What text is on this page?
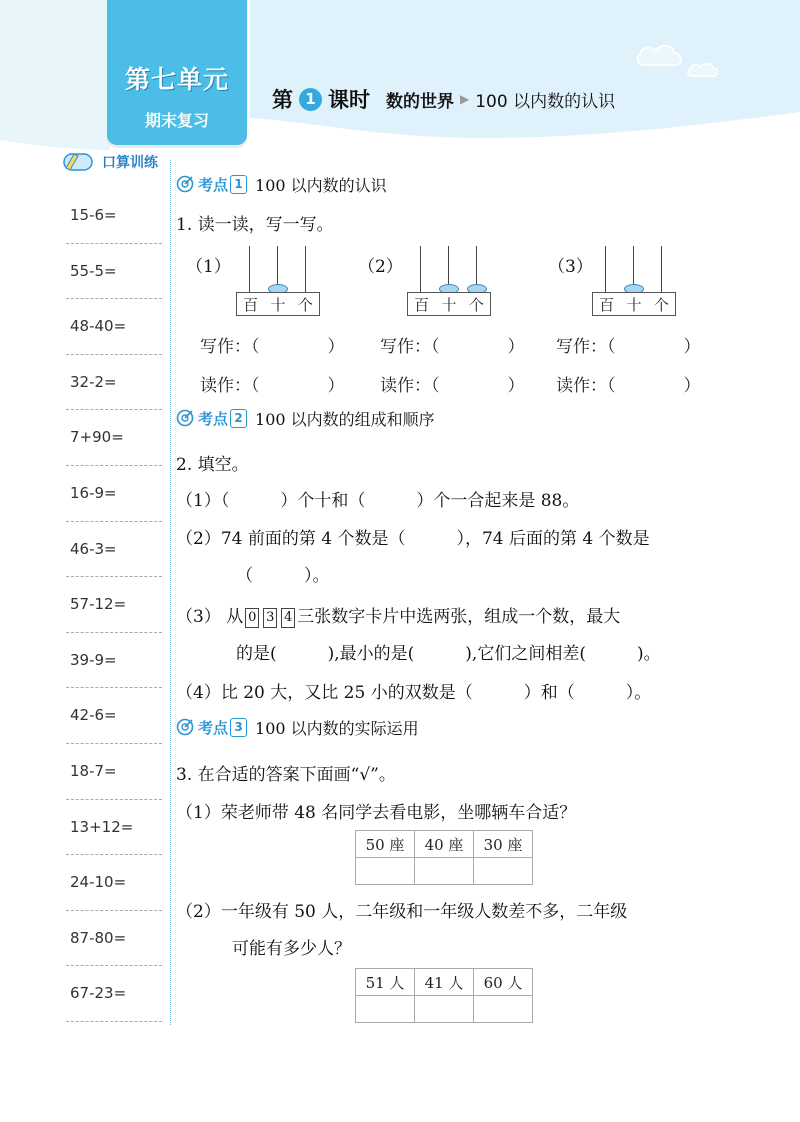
第七单元
期末复习
第 1 课时 数的世界 ▶ 100 以内数的认识
口算训练
15-6=
55-5=
48-40=
32-2=
7+90=
16-9=
46-3=
57-12=
39-9=
42-6=
18-7=
13+12=
24-10=
87-80=
67-23=
考点 1 100 以内数的认识
1. 读一读，写一写。
（1）	（2）	（3）
百 十 个	百 十 个	百 十 个
写作：（　　　　） 写作：（　　　　） 写作：（　　　　）
读作：（　　　　） 读作：（　　　　） 读作：（　　　　）
考点 2 100 以内数的组成和顺序
2. 填空。
（1）（　　　）个十和（　　　）个一合起来是 88。
（2）74 前面的第 4 个数是（　　　），74 后面的第 4 个数是
（　　　）。
（3） 从 0 3 4 三张数字卡片中选两张，组成一个数，最大
的是(　　　),最小的是(　　　),它们之间相差(　　　)。
（4）比 20 大，又比 25 小的双数是（　　　）和（　　　）。
考点 3 100 以内数的实际运用
3. 在合适的答案下面画“√”。
（1）荣老师带 48 名同学去看电影，坐哪辆车合适？
50 座	40 座	30 座

（2）一年级有 50 人，二年级和一年级人数差不多，二年级
可能有多少人？
51 人	41 人	60 人
